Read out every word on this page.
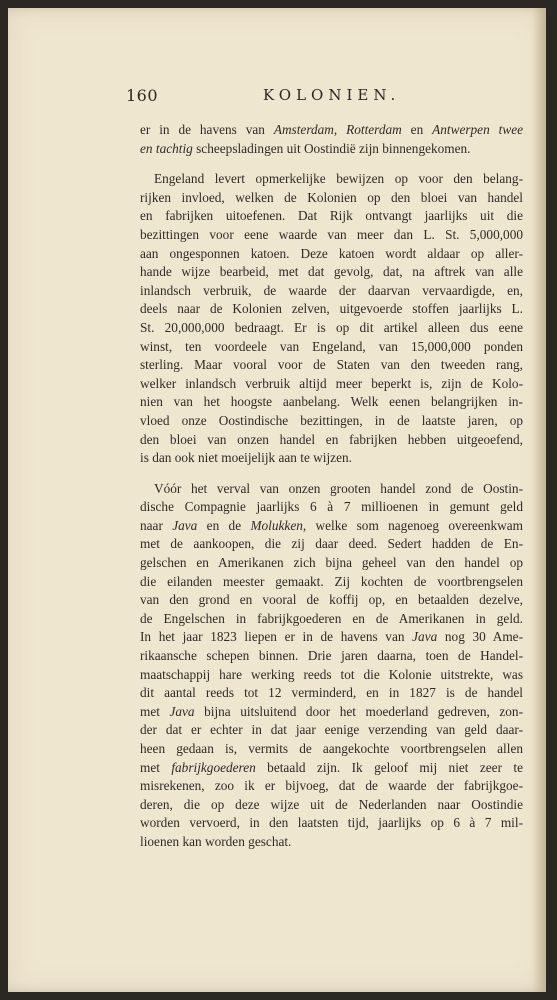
160	KOLONIEN.
er in de havens van Amsterdam, Rotterdam en Antwerpen twee
en tachtig scheepsladingen uit Oostindië zijn binnengekomen.
Engeland levert opmerkelijke bewijzen op voor den belang-
rijken invloed, welken de Kolonien op den bloei van handel
en fabrijken uitoefenen. Dat Rijk ontvangt jaarlijks uit die
bezittingen voor eene waarde van meer dan L. St. 5,000,000
aan ongesponnen katoen. Deze katoen wordt aldaar op aller-
hande wijze bearbeid, met dat gevolg, dat, na aftrek van alle
inlandsch verbruik, de waarde der daarvan vervaardigde, en,
deels naar de Kolonien zelven, uitgevoerde stoffen jaarlijks L.
St. 20,000,000 bedraagt. Er is op dit artikel alleen dus eene
winst, ten voordeele van Engeland, van 15,000,000 ponden
sterling. Maar vooral voor de Staten van den tweeden rang,
welker inlandsch verbruik altijd meer beperkt is, zijn de Kolo-
nien van het hoogste aanbelang. Welk eenen belangrijken in-
vloed onze Oostindische bezittingen, in de laatste jaren, op
den bloei van onzen handel en fabrijken hebben uitgeoefend,
is dan ook niet moeijelijk aan te wijzen.
Vóór het verval van onzen grooten handel zond de Oostin-
dische Compagnie jaarlijks 6 à 7 millioenen in gemunt geld
naar Java en de Molukken, welke som nagenoeg overeenkwam
met de aankoopen, die zij daar deed. Sedert hadden de En-
gelschen en Amerikanen zich bijna geheel van den handel op
die eilanden meester gemaakt. Zij kochten de voortbrengselen
van den grond en vooral de koffij op, en betaalden dezelve,
de Engelschen in fabrijkgoederen en de Amerikanen in geld.
In het jaar 1823 liepen er in de havens van Java nog 30 Ame-
rikaansche schepen binnen. Drie jaren daarna, toen de Handel-
maatschappij hare werking reeds tot die Kolonie uitstrekte, was
dit aantal reeds tot 12 verminderd, en in 1827 is de handel
met Java bijna uitsluitend door het moederland gedreven, zon-
der dat er echter in dat jaar eenige verzending van geld daar-
heen gedaan is, vermits de aangekochte voortbrengselen allen
met fabrijkgoederen betaald zijn. Ik geloof mij niet zeer te
misrekenen, zoo ik er bijvoeg, dat de waarde der fabrijkgoe-
deren, die op deze wijze uit de Nederlanden naar Oostindie
worden vervoerd, in den laatsten tijd, jaarlijks op 6 à 7 mil-
lioenen kan worden geschat.
